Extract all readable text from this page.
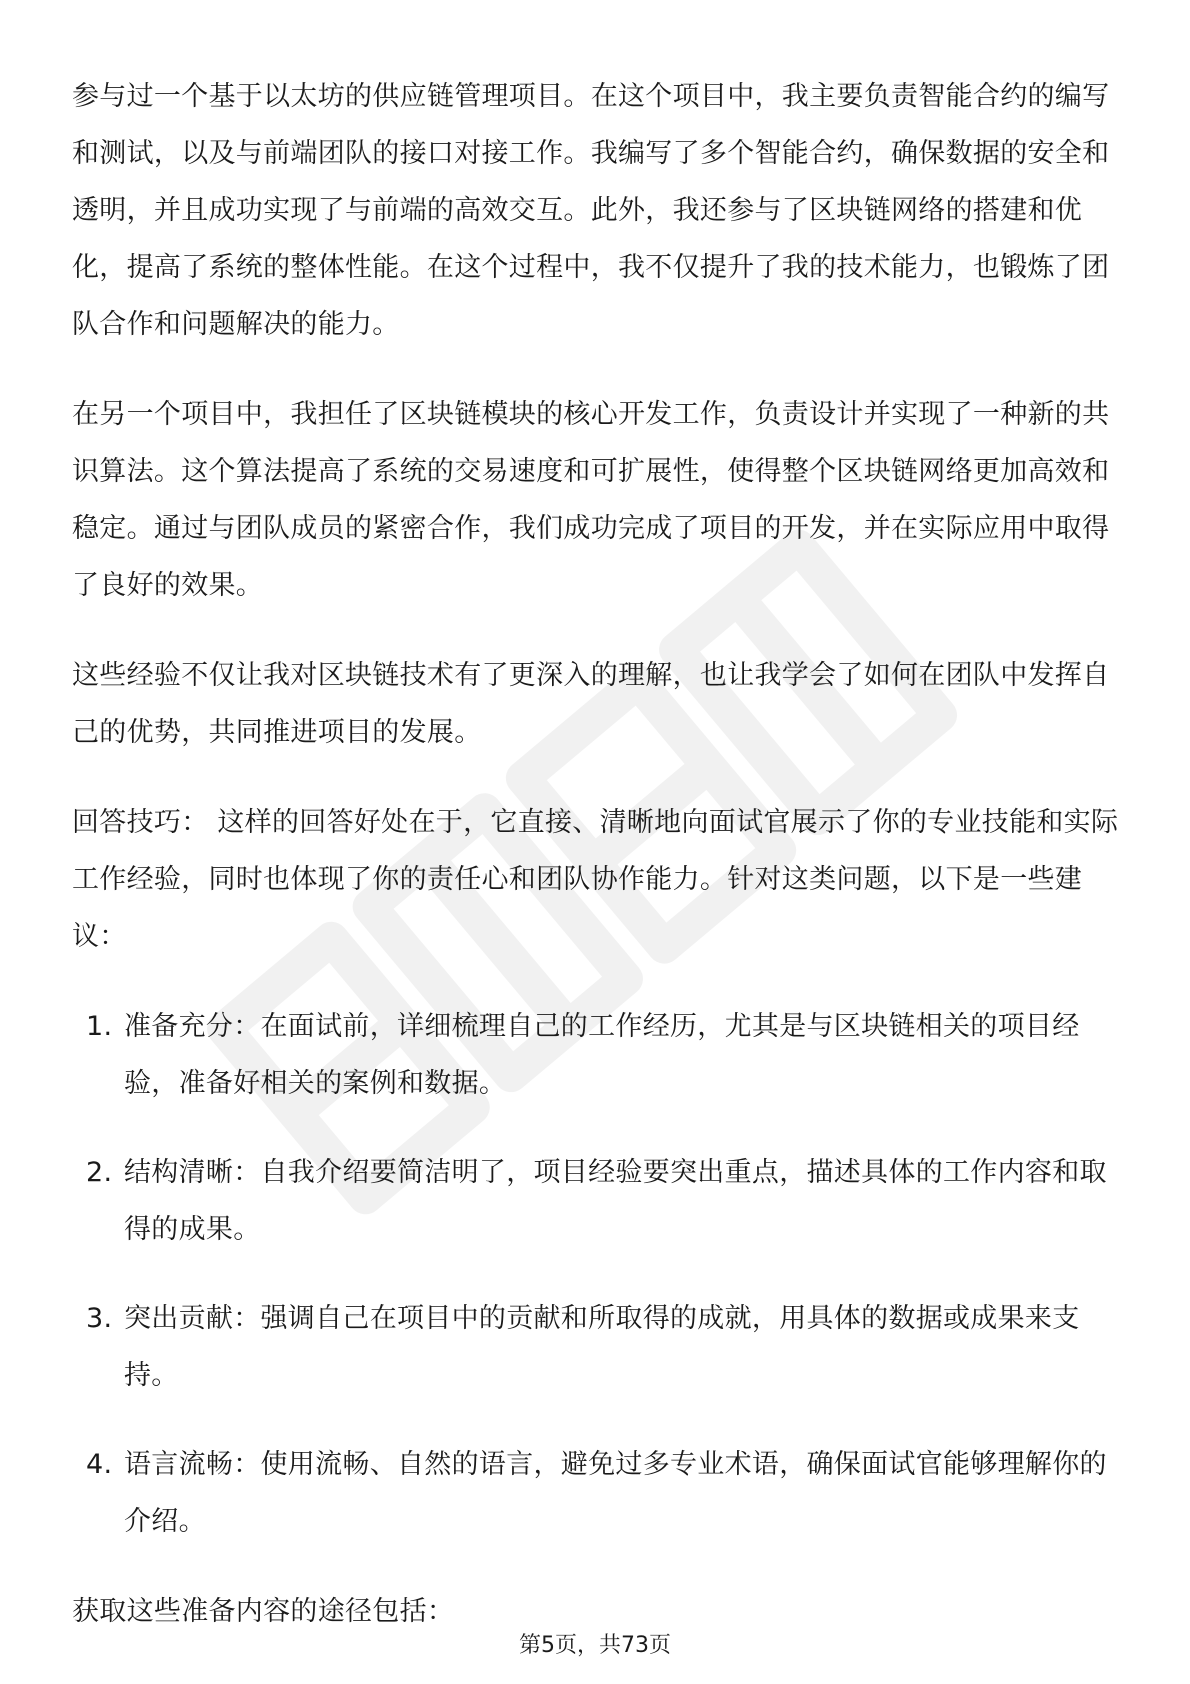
参与过一个基于以太坊的供应链管理项目。在这个项目中，我主要负责智能合约的编写和测试，以及与前端团队的接口对接工作。我编写了多个智能合约，确保数据的安全和透明，并且成功实现了与前端的高效交互。此外，我还参与了区块链网络的搭建和优化，提高了系统的整体性能。在这个过程中，我不仅提升了我的技术能力，也锻炼了团队合作和问题解决的能力。

在另一个项目中，我担任了区块链模块的核心开发工作，负责设计并实现了一种新的共识算法。这个算法提高了系统的交易速度和可扩展性，使得整个区块链网络更加高效和稳定。通过与团队成员的紧密合作，我们成功完成了项目的开发，并在实际应用中取得了良好的效果。

这些经验不仅让我对区块链技术有了更深入的理解，也让我学会了如何在团队中发挥自己的优势，共同推进项目的发展。

回答技巧： 这样的回答好处在于，它直接、清晰地向面试官展示了你的专业技能和实际工作经验，同时也体现了你的责任心和团队协作能力。针对这类问题，以下是一些建议：

1. 准备充分：在面试前，详细梳理自己的工作经历，尤其是与区块链相关的项目经验，准备好相关的案例和数据。
2. 结构清晰：自我介绍要简洁明了，项目经验要突出重点，描述具体的工作内容和取得的成果。
3. 突出贡献：强调自己在项目中的贡献和所取得的成就，用具体的数据或成果来支持。
4. 语言流畅：使用流畅、自然的语言，避免过多专业术语，确保面试官能够理解你的介绍。

获取这些准备内容的途径包括：

第5页，共73页
